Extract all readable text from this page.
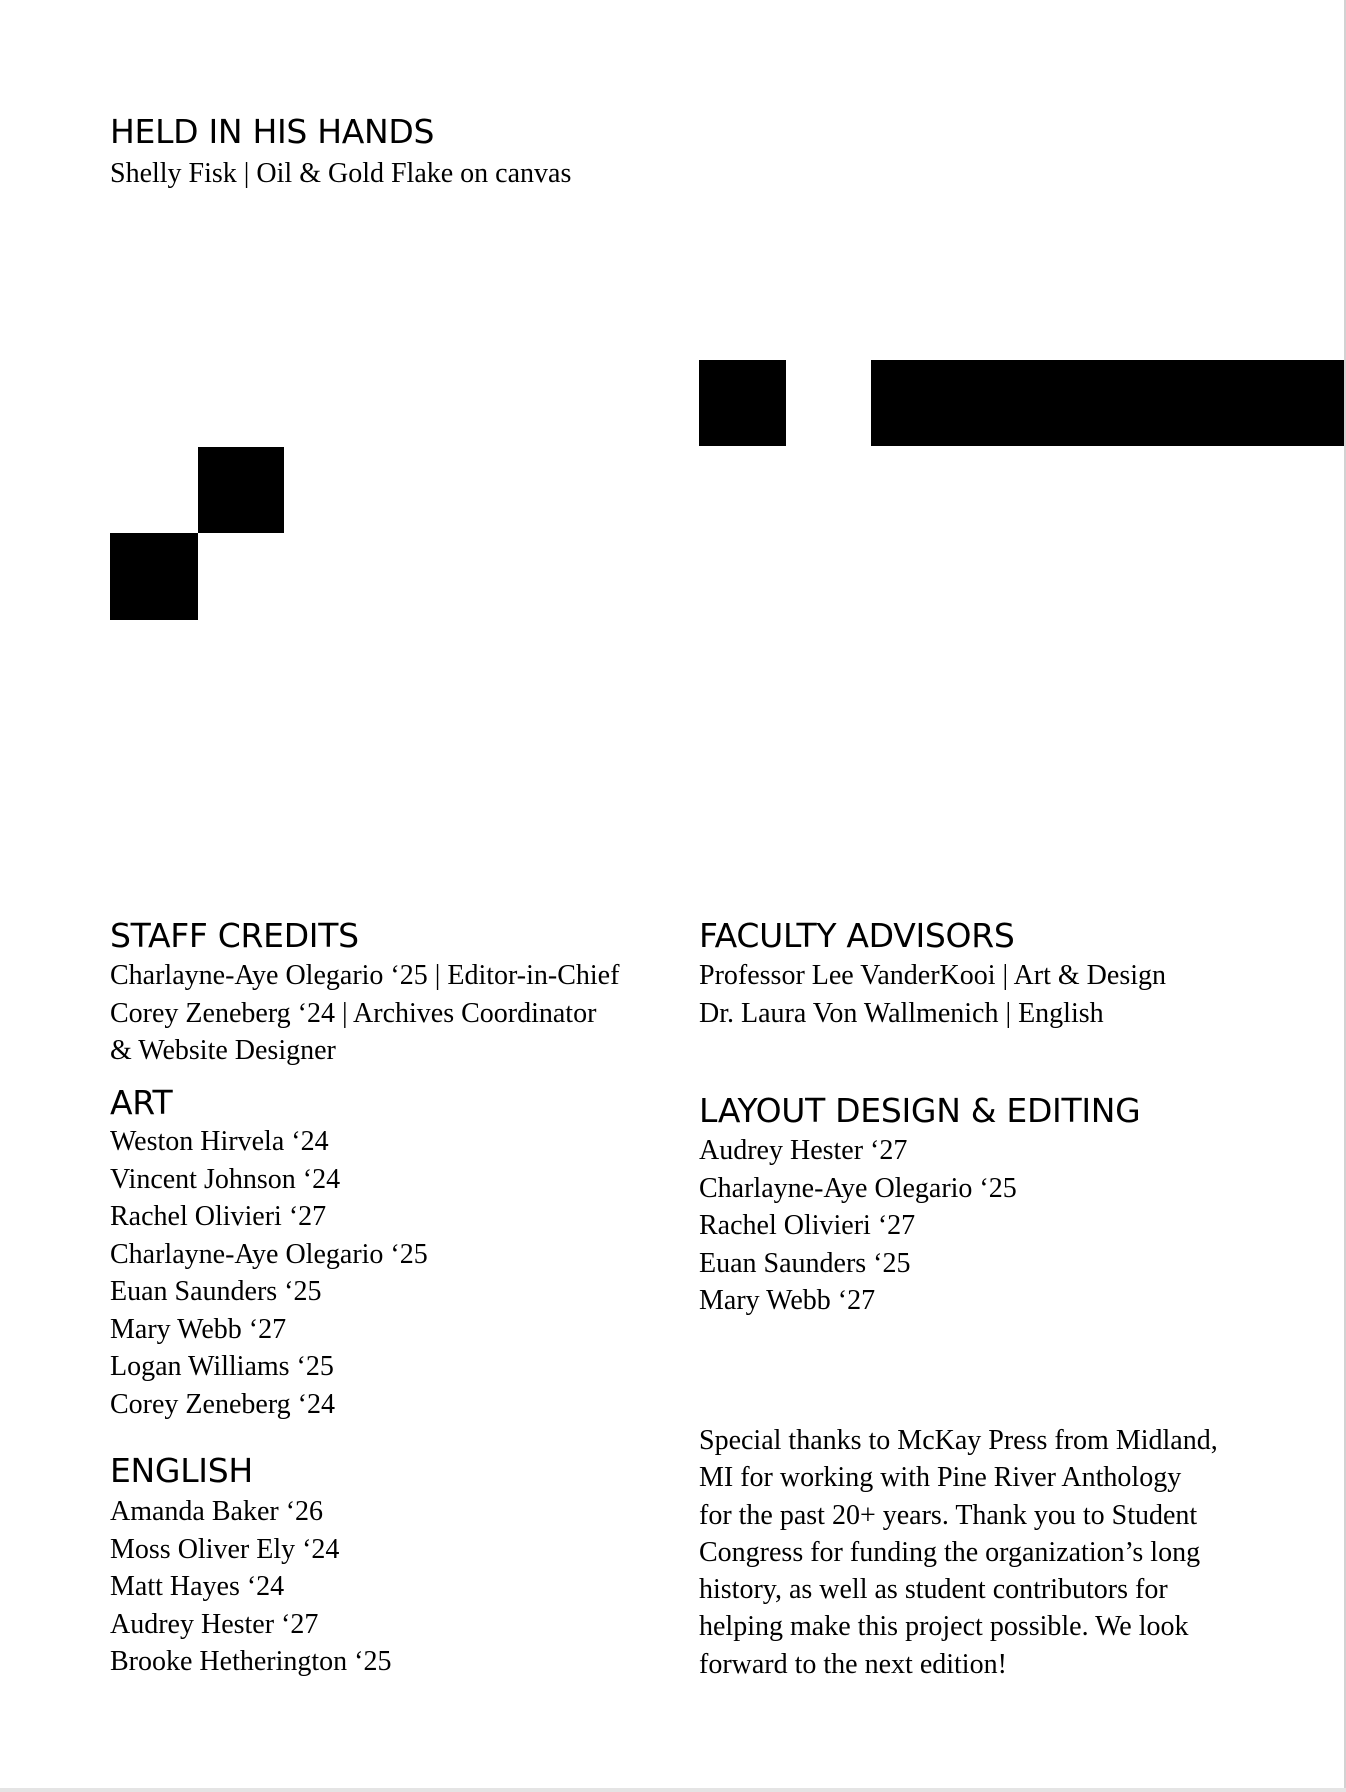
HELD IN HIS HANDS

Shelly Fisk | Oil & Gold Flake on canvas

STAFF CREDITS
Charlayne-Aye Olegario ‘25 | Editor-in-Chief
Corey Zeneberg ‘24 | Archives Coordinator
& Website Designer
ART
Weston Hirvela ‘24
Vincent Johnson ‘24
Rachel Olivieri ‘27
Charlayne-Aye Olegario ‘25
Euan Saunders ‘25
Mary Webb ‘27
Logan Williams ‘25
Corey Zeneberg ‘24
ENGLISH
Amanda Baker ‘26
Moss Oliver Ely ‘24
Matt Hayes ‘24
Audrey Hester ‘27
Brooke Hetherington ‘25
FACULTY ADVISORS
Professor Lee VanderKooi | Art & Design
Dr. Laura Von Wallmenich | English
LAYOUT DESIGN & EDITING
Audrey Hester ‘27
Charlayne-Aye Olegario ‘25
Rachel Olivieri ‘27
Euan Saunders ‘25
Mary Webb ‘27
Special thanks to McKay Press from Midland,
MI for working with Pine River Anthology
for the past 20+ years. Thank you to Student
Congress for funding the organization’s long
history, as well as student contributors for
helping make this project possible. We look
forward to the next edition!
